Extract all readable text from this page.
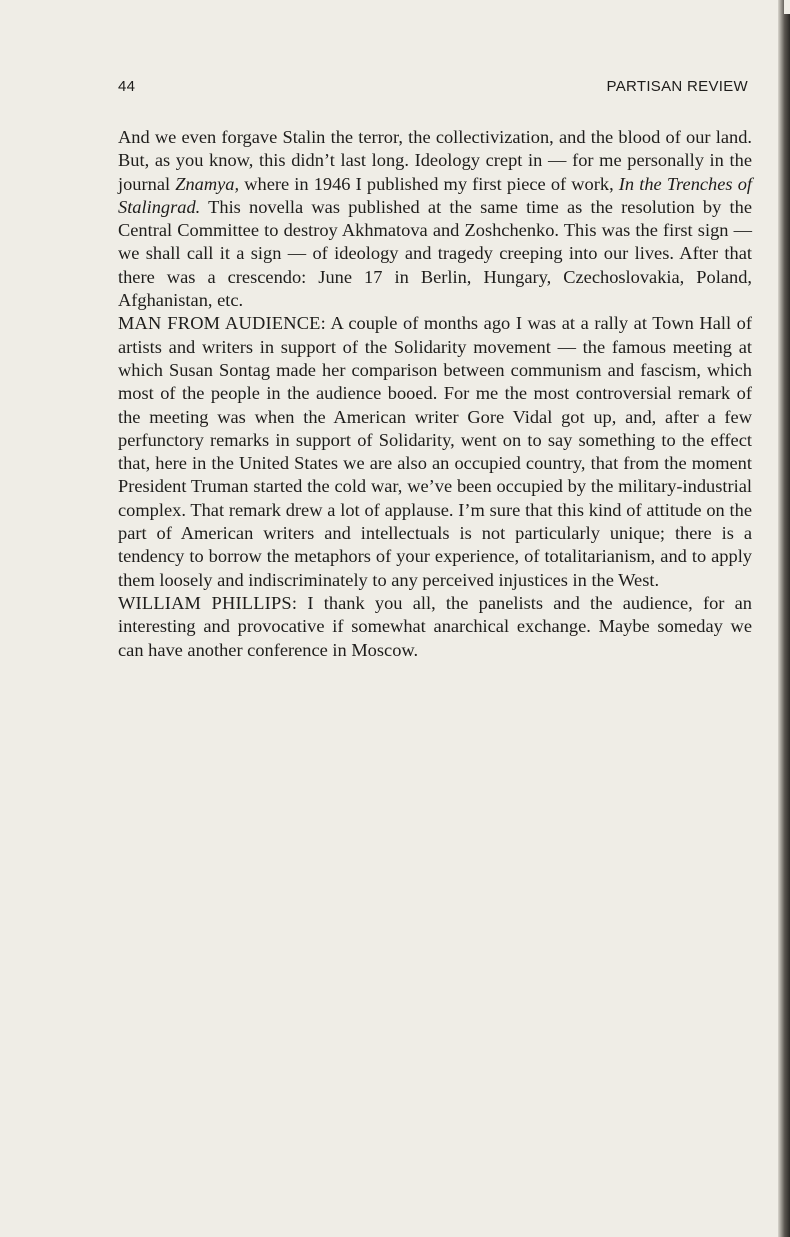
44	PARTISAN REVIEW

And we even forgave Stalin the terror, the collectivization, and the blood of our land. But, as you know, this didn’t last long. Ideology crept in — for me personally in the journal Znamya, where in 1946 I published my first piece of work, In the Trenches of Stalingrad. This novella was published at the same time as the resolution by the Central Committee to destroy Akhmatova and Zoshchenko. This was the first sign — we shall call it a sign — of ideology and tragedy creeping into our lives. After that there was a crescendo: June 17 in Berlin, Hungary, Czechoslovakia, Poland, Afghanistan, etc.

MAN FROM AUDIENCE: A couple of months ago I was at a rally at Town Hall of artists and writers in support of the Solidarity movement — the famous meeting at which Susan Sontag made her comparison between communism and fascism, which most of the people in the audience booed. For me the most controversial remark of the meeting was when the American writer Gore Vidal got up, and, after a few perfunctory remarks in support of Solidarity, went on to say something to the effect that, here in the United States we are also an occupied country, that from the moment President Truman started the cold war, we’ve been occupied by the military-industrial complex. That remark drew a lot of applause. I’m sure that this kind of attitude on the part of American writers and intellectuals is not particularly unique; there is a tendency to borrow the metaphors of your experience, of totalitarianism, and to apply them loosely and indiscriminately to any perceived injustices in the West.

WILLIAM PHILLIPS: I thank you all, the panelists and the audience, for an interesting and provocative if somewhat anarchical exchange. Maybe someday we can have another conference in Moscow.
